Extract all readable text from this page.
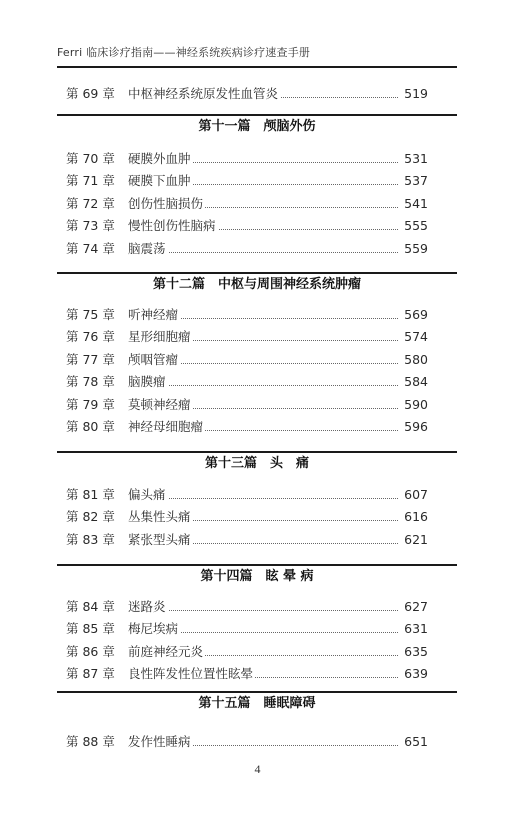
Ferri 临床诊疗指南——神经系统疾病诊疗速查手册
第 69 章	中枢神经系统原发性血管炎	519
第十一篇　颅脑外伤
第 70 章	硬膜外血肿	531
第 71 章	硬膜下血肿	537
第 72 章	创伤性脑损伤	541
第 73 章	慢性创伤性脑病	555
第 74 章	脑震荡	559
第十二篇　中枢与周围神经系统肿瘤
第 75 章	听神经瘤	569
第 76 章	星形细胞瘤	574
第 77 章	颅咽管瘤	580
第 78 章	脑膜瘤	584
第 79 章	莫顿神经瘤	590
第 80 章	神经母细胞瘤	596
第十三篇　头　痛
第 81 章	偏头痛	607
第 82 章	丛集性头痛	616
第 83 章	紧张型头痛	621
第十四篇　眩 晕 病
第 84 章	迷路炎	627
第 85 章	梅尼埃病	631
第 86 章	前庭神经元炎	635
第 87 章	良性阵发性位置性眩晕	639
第十五篇　睡眠障碍
第 88 章	发作性睡病	651
4
